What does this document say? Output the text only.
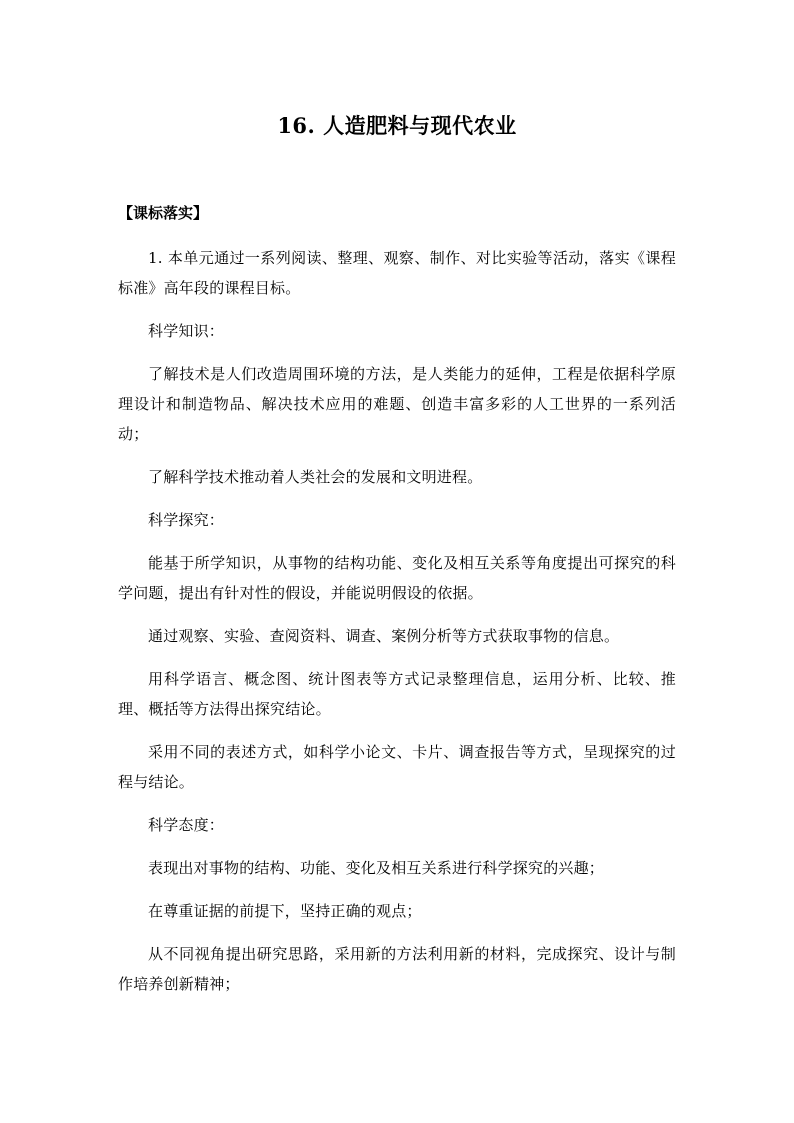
16. 人造肥料与现代农业
【课标落实】

1. 本单元通过一系列阅读、整理、观察、制作、对比实验等活动，落实《课程标准》高年段的课程目标。

科学知识：

了解技术是人们改造周围环境的方法，是人类能力的延伸，工程是依据科学原理设计和制造物品、解决技术应用的难题、创造丰富多彩的人工世界的一系列活动；

了解科学技术推动着人类社会的发展和文明进程。

科学探究：

能基于所学知识，从事物的结构功能、变化及相互关系等角度提出可探究的科学问题，提出有针对性的假设，并能说明假设的依据。

通过观察、实验、查阅资料、调查、案例分析等方式获取事物的信息。

用科学语言、概念图、统计图表等方式记录整理信息，运用分析、比较、推理、概括等方法得出探究结论。

采用不同的表述方式，如科学小论文、卡片、调查报告等方式，呈现探究的过程与结论。

科学态度：

表现出对事物的结构、功能、变化及相互关系进行科学探究的兴趣；

在尊重证据的前提下，坚持正确的观点；

从不同视角提出研究思路，采用新的方法利用新的材料，完成探究、设计与制作培养创新精神；
